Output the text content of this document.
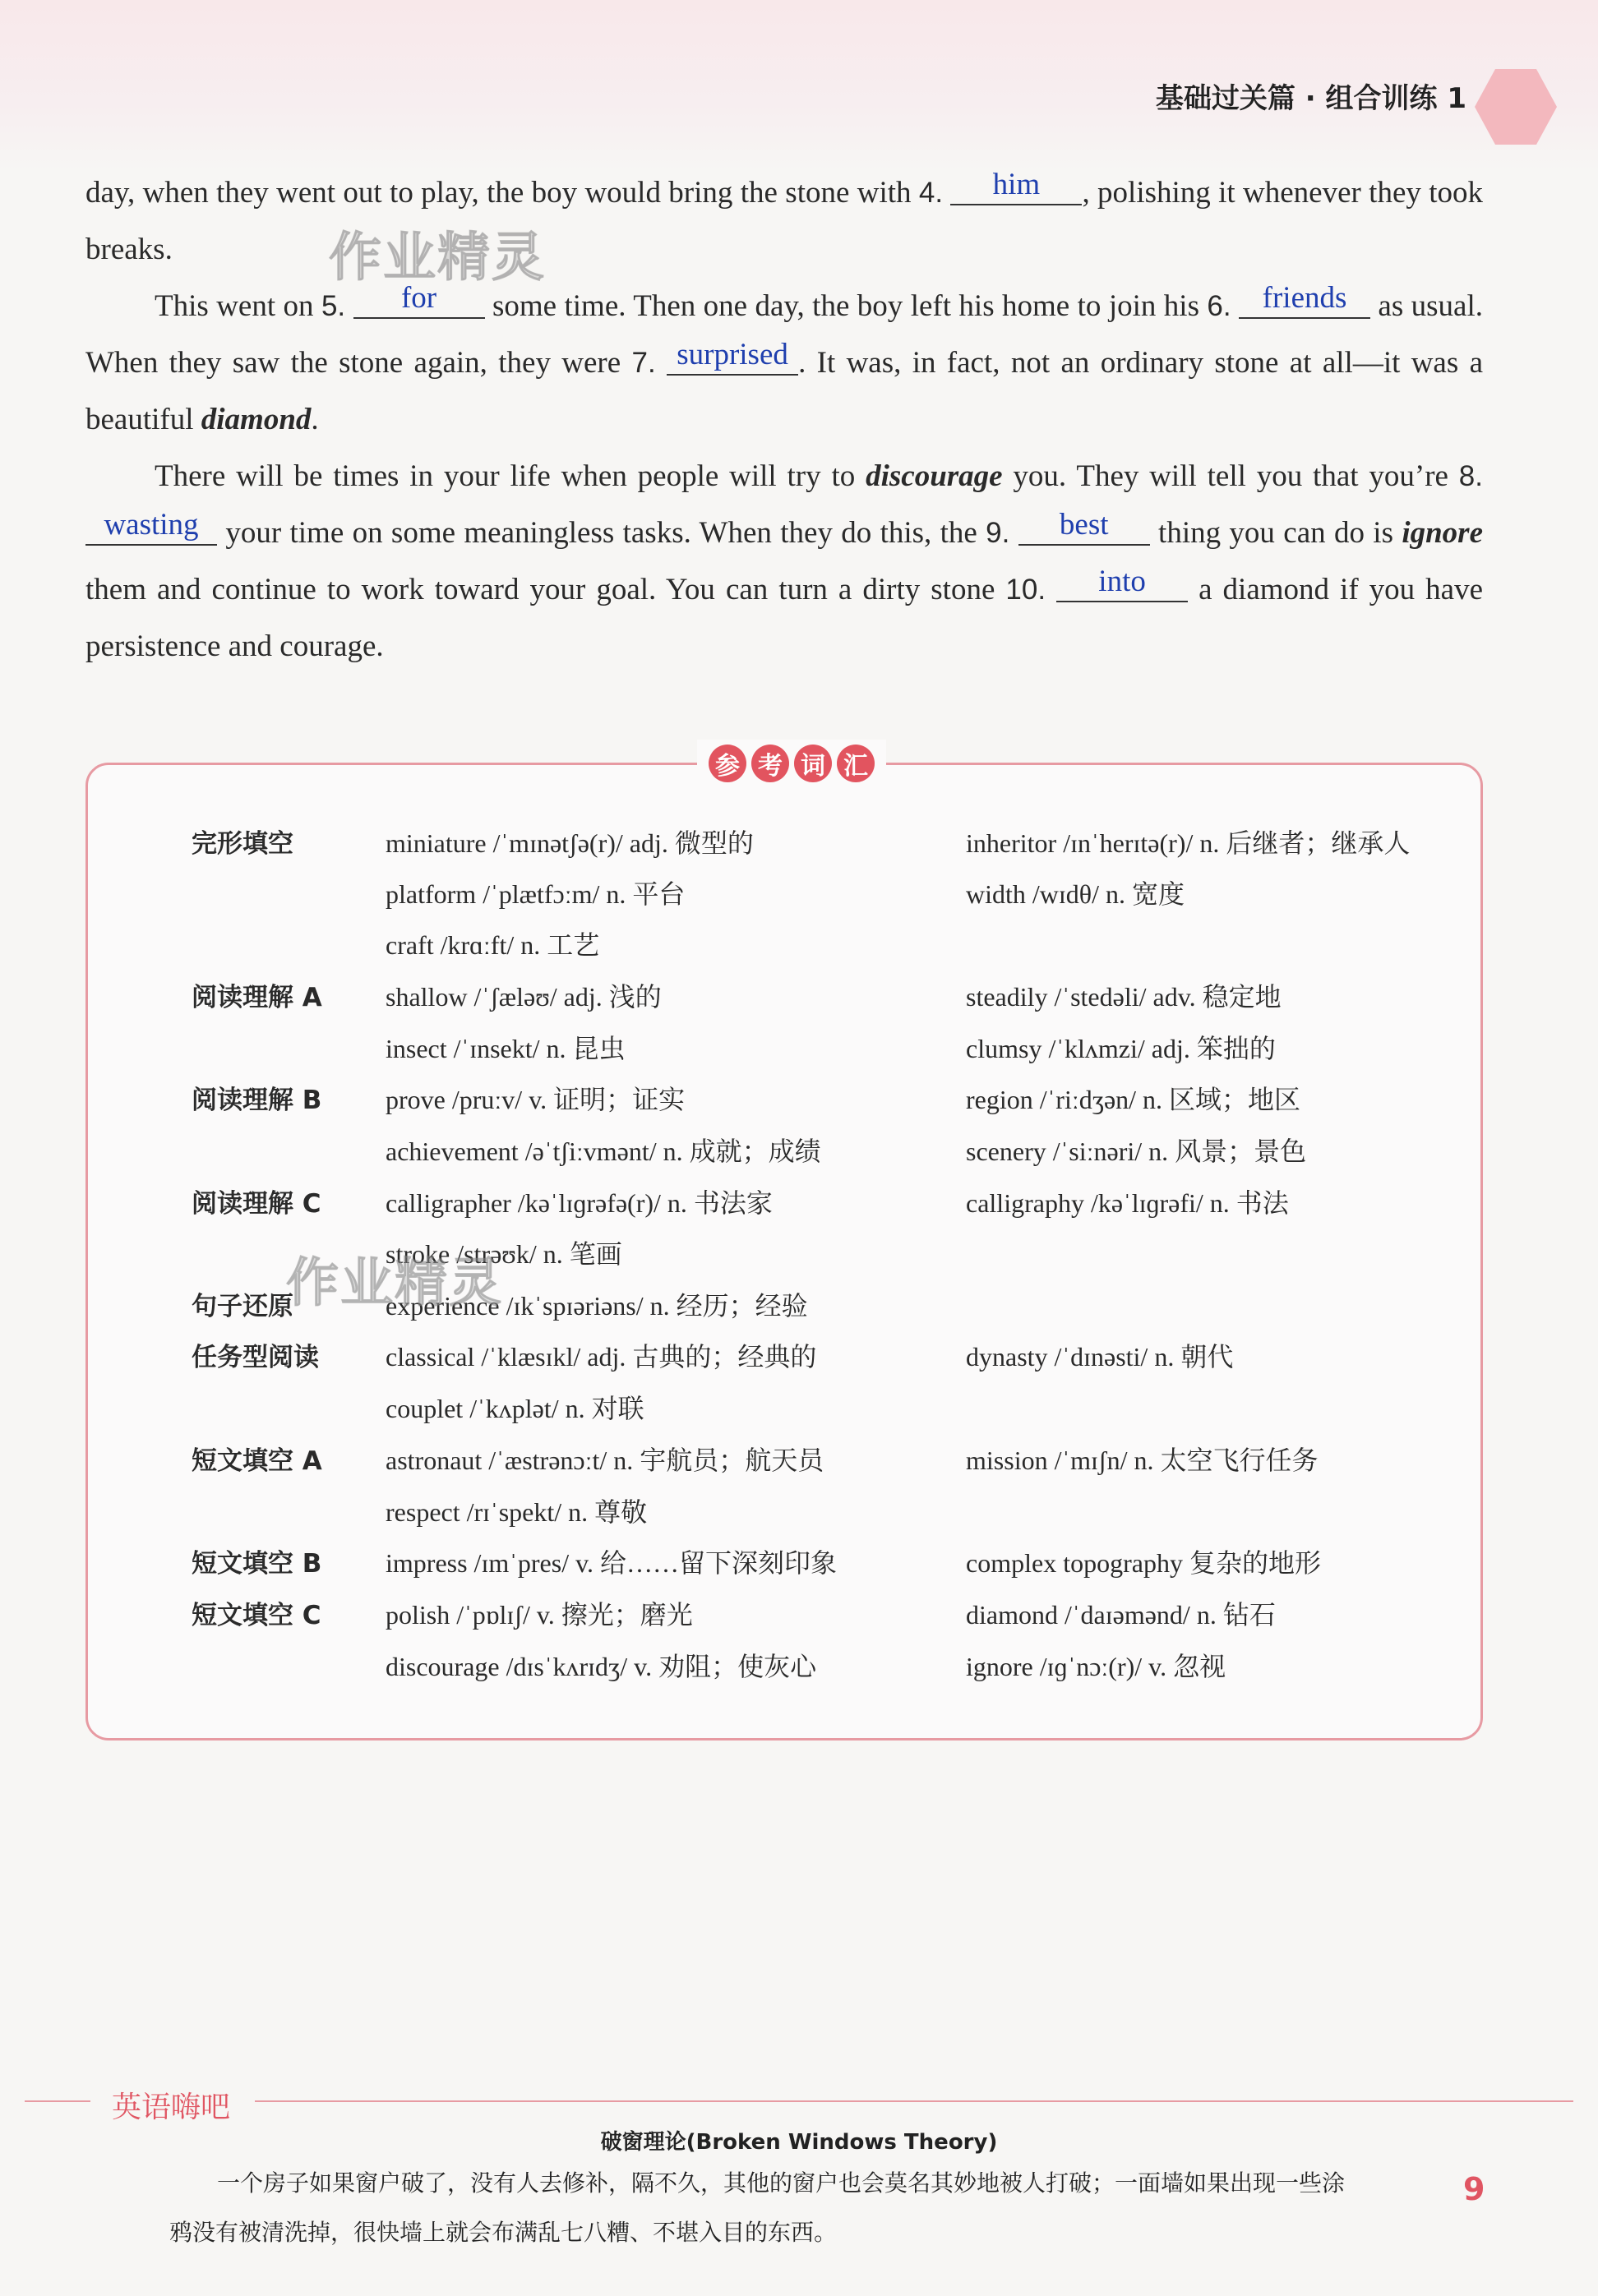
基础过关篇 · 组合训练 1

day, when they went out to play, the boy would bring the stone with 4. him , polishing it whenever they took breaks.

This went on 5. for some time. Then one day, the boy left his home to join his 6. friends as usual. When they saw the stone again, they were 7. surprised . It was, in fact, not an ordinary stone at all—it was a beautiful diamond.

There will be times in your life when people will try to discourage you. They will tell you that you’re 8. wasting your time on some meaningless tasks. When they do this, the 9. best thing you can do is ignore them and continue to work toward your goal. You can turn a dirty stone 10. into a diamond if you have persistence and courage.

作业精灵
完形填空	miniature /ˈmɪnətʃə(r)/ adj. 微型的	inheritor /ɪnˈherɪtə(r)/ n. 后继者；继承人
platform /ˈplætfɔːm/ n. 平台	width /wɪdθ/ n. 宽度
craft /krɑːft/ n. 工艺
阅读理解 A shallow /ˈʃæləʊ/ adj. 浅的	steadily /ˈstedəli/ adv. 稳定地
insect /ˈɪnsekt/ n. 昆虫	clumsy /ˈklʌmzi/ adj. 笨拙的
阅读理解 B prove /pruːv/ v. 证明；证实	region /ˈriːdʒən/ n. 区域；地区
achievement /əˈtʃiːvmənt/ n. 成就；成绩	scenery /ˈsiːnəri/ n. 风景；景色
阅读理解 C calligrapher /kəˈlɪɡrəfə(r)/ n. 书法家	calligraphy /kəˈlɪɡrəfi/ n. 书法
stroke /strəʊk/ n. 笔画
句子还原	experience /ɪkˈspɪəriəns/ n. 经历；经验
任务型阅读	classical /ˈklæsɪkl/ adj. 古典的；经典的	dynasty /ˈdɪnəsti/ n. 朝代
couplet /ˈkʌplət/ n. 对联
短文填空 A astronaut /ˈæstrənɔːt/ n. 宇航员；航天员	mission /ˈmɪʃn/ n. 太空飞行任务
respect /rɪˈspekt/ n. 尊敬
短文填空 B impress /ɪmˈpres/ v. 给……留下深刻印象	complex topography 复杂的地形
短文填空 C polish /ˈpɒlɪʃ/ v. 擦光；磨光	diamond /ˈdaɪəmənd/ n. 钻石
discourage /dɪsˈkʌrɪdʒ/ v. 劝阻；使灰心	ignore /ɪɡˈnɔː(r)/ v. 忽视
参 考 词 汇
作业精灵
英语嗨吧
破窗理论(Broken Windows Theory)
一个房子如果窗户破了，没有人去修补，隔不久，其他的窗户也会莫名其妙地被人打破；一面墙如果出现一些涂
鸦没有被清洗掉，很快墙上就会布满乱七八糟、不堪入目的东西。
9
